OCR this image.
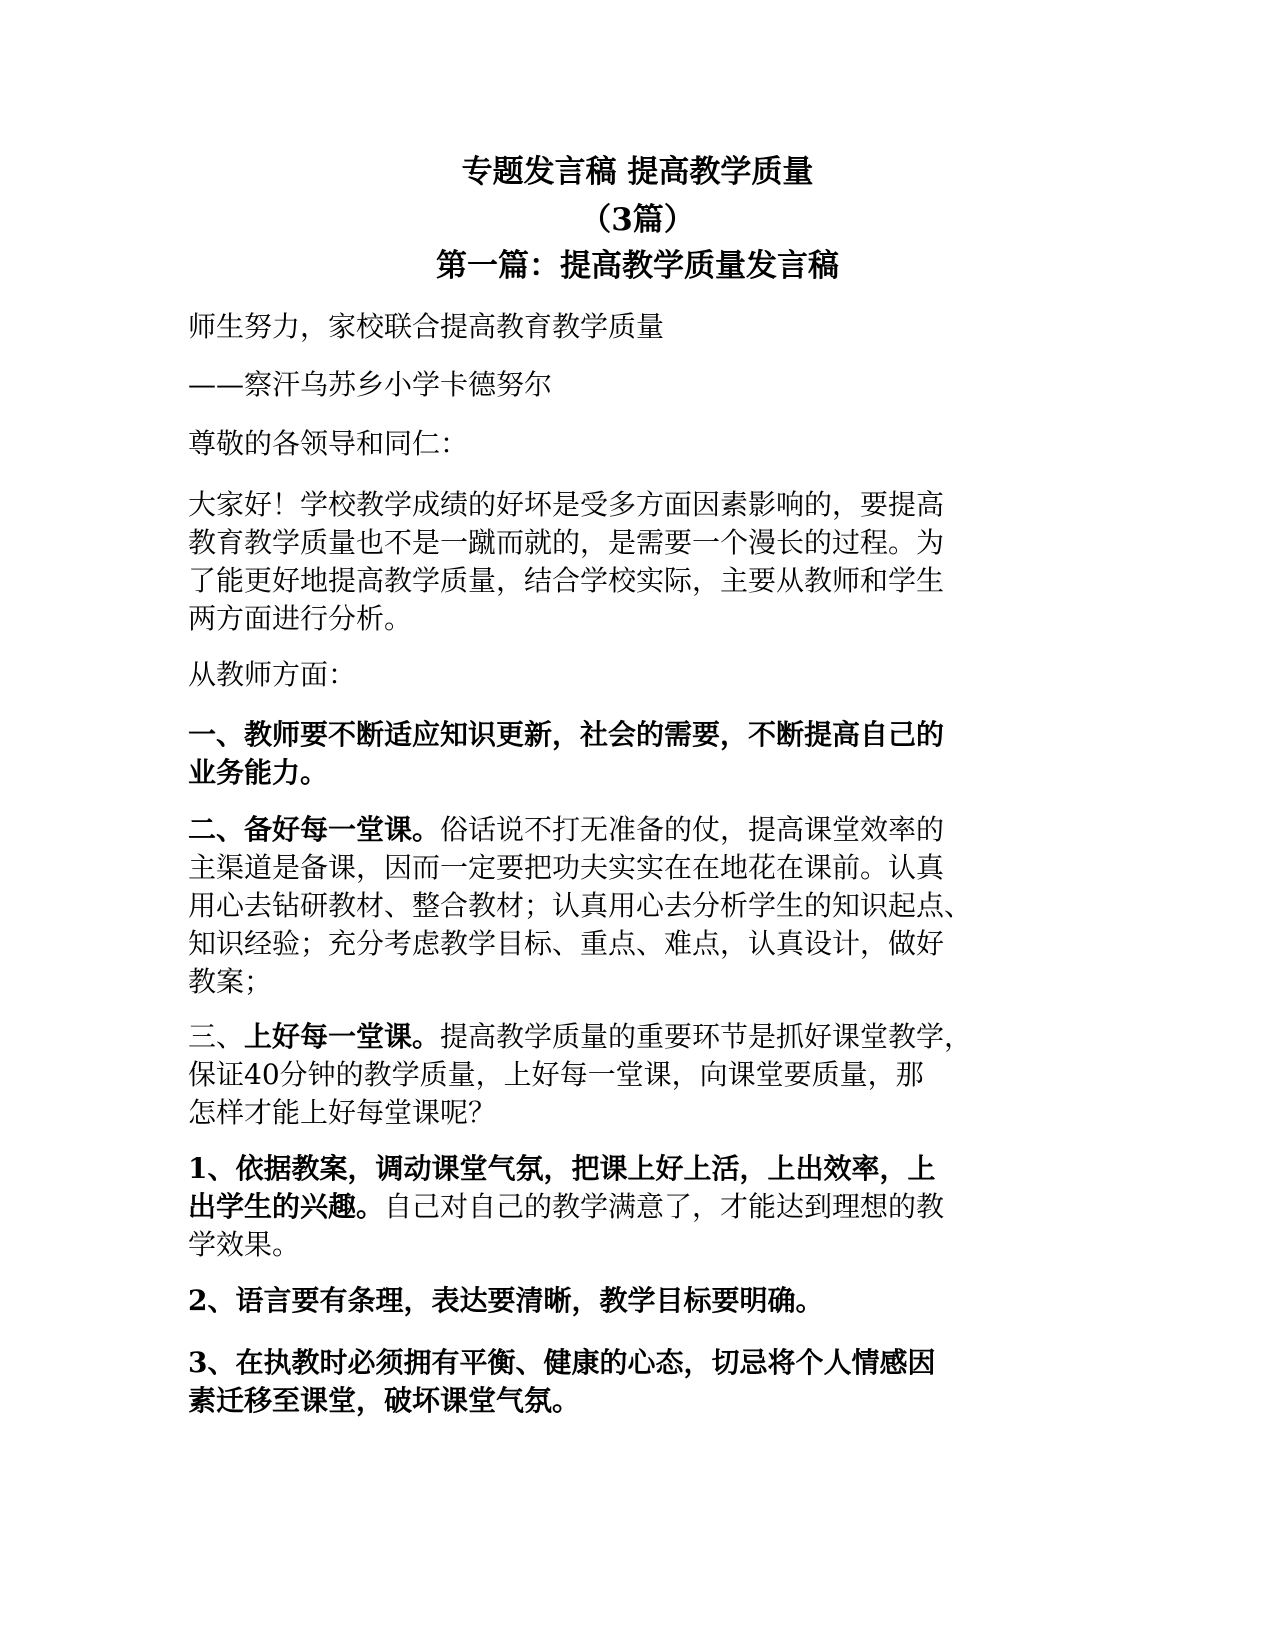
专题发言稿 提高教学质量
（3篇）
第一篇：提高教学质量发言稿
师生努力，家校联合提高教育教学质量
——察汗乌苏乡小学卡德努尔
尊敬的各领导和同仁：
大家好！学校教学成绩的好坏是受多方面因素影响的，要提高
教育教学质量也不是一蹴而就的，是需要一个漫长的过程。为
了能更好地提高教学质量，结合学校实际，主要从教师和学生
两方面进行分析。
从教师方面：
一、教师要不断适应知识更新，社会的需要，不断提高自己的
业务能力。
二、备好每一堂课。俗话说不打无准备的仗，提高课堂效率的
主渠道是备课，因而一定要把功夫实实在在地花在课前。认真
用心去钻研教材、整合教材；认真用心去分析学生的知识起点、
知识经验；充分考虑教学目标、重点、难点，认真设计，做好
教案；
三、上好每一堂课。提高教学质量的重要环节是抓好课堂教学，
保证40分钟的教学质量，上好每一堂课，向课堂要质量，那
怎样才能上好每堂课呢？
1、依据教案，调动课堂气氛，把课上好上活，上出效率，上
出学生的兴趣。自己对自己的教学满意了，才能达到理想的教
学效果。
2、语言要有条理，表达要清晰，教学目标要明确。
3、在执教时必须拥有平衡、健康的心态，切忌将个人情感因
素迁移至课堂，破坏课堂气氛。
